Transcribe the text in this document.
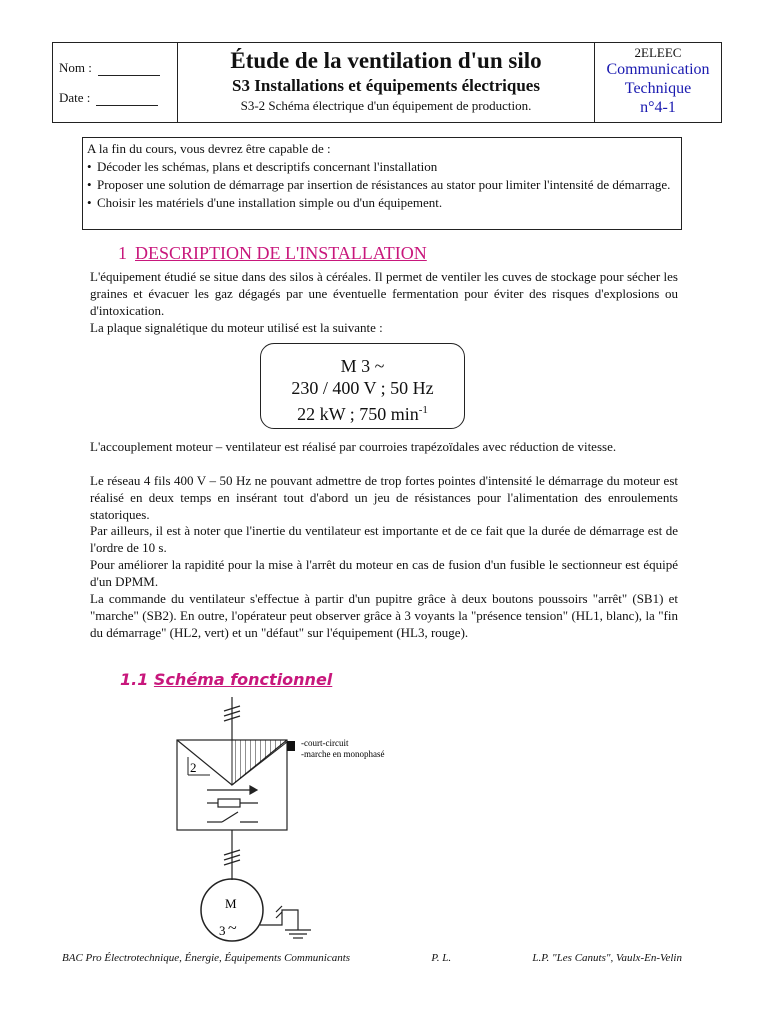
Nom :
Date :
Étude de la ventilation d'un silo
S3 Installations et équipements électriques
S3-2 Schéma électrique d'un équipement de production.
2ELEEC
Communication
Technique
n°4-1
A la fin du cours, vous devrez être capable de :
• Décoder les schémas, plans et descriptifs concernant l'installation
• Proposer une solution de démarrage par insertion de résistances au stator pour limiter l'intensité de démarrage.
• Choisir les matériels d'une installation simple ou d'un équipement.
1 DESCRIPTION DE L'INSTALLATION

L'équipement étudié se situe dans des silos à céréales. Il permet de ventiler les cuves de stockage pour sécher les graines et évacuer les gaz dégagés par une éventuelle fermentation pour éviter des risques d'explosions ou d'intoxication.

La plaque signalétique du moteur utilisé est la suivante :

M 3 ~
230 / 400 V ; 50 Hz
22 kW ; 750 $\min^{-1}$

L'accouplement moteur – ventilateur est réalisé par courroies trapézoïdales avec réduction de vitesse.

Le réseau 4 fils 400 V – 50 Hz ne pouvant admettre de trop fortes pointes d'intensité le démarrage du moteur est réalisé en deux temps en insérant tout d'abord un jeu de résistances pour l'alimentation des enroulements statoriques.

Par ailleurs, il est à noter que l'inertie du ventilateur est importante et de ce fait que la durée de démarrage est de l'ordre de 10 s.

Pour améliorer la rapidité pour la mise à l'arrêt du moteur en cas de fusion d'un fusible le sectionneur est équipé d'un DPMM.

La commande du ventilateur s'effectue à partir d'un pupitre grâce à deux boutons poussoirs "arrêt" (SB1) et "marche" (SB2). En outre, l'opérateur peut observer grâce à 3 voyants la "présence tension" (HL1, blanc), la "fin du démarrage" (HL2, vert) et un "défaut" sur l'équipement (HL3, rouge).

1.1 Schéma fonctionnel
-court-circuit
-marche en monophasé
2
M
3 ~
BAC Pro Électrotechnique, Énergie, Équipements Communicants	P. L.	L.P. "Les Canuts", Vaulx-En-Velin
